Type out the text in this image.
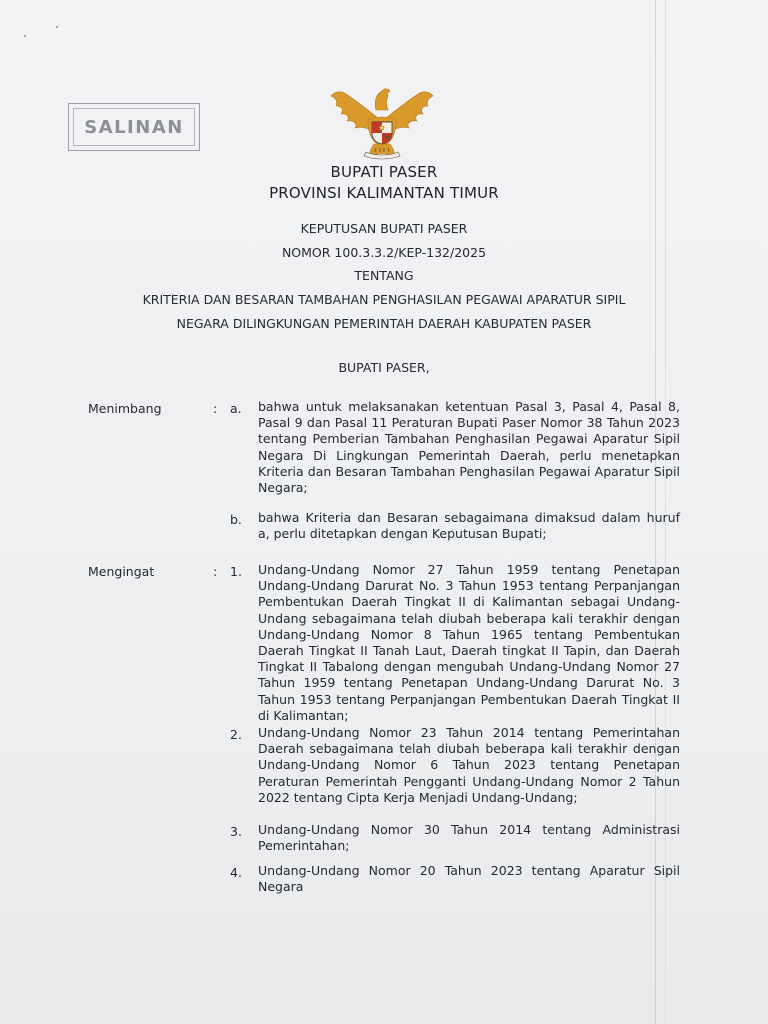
SALINAN
BUPATI PASER
PROVINSI KALIMANTAN TIMUR
KEPUTUSAN BUPATI PASER
NOMOR 100.3.3.2/KEP-132/2025
TENTANG
KRITERIA DAN BESARAN TAMBAHAN PENGHASILAN PEGAWAI APARATUR SIPIL
NEGARA DILINGKUNGAN PEMERINTAH DAERAH KABUPATEN PASER
BUPATI PASER,
Menimbang	: a. bahwa untuk melaksanakan ketentuan Pasal 3, Pasal 4, Pasal 8, Pasal 9 dan Pasal 11 Peraturan Bupati Paser Nomor 38 Tahun 2023 tentang Pemberian Tambahan Penghasilan Pegawai Aparatur Sipil Negara Di Lingkungan Pemerintah Daerah, perlu menetapkan Kriteria dan Besaran Tambahan Penghasilan Pegawai Aparatur Sipil Negara;
b. bahwa Kriteria dan Besaran sebagaimana dimaksud dalam huruf a, perlu ditetapkan dengan Keputusan Bupati;
Mengingat	: 1. Undang-Undang Nomor 27 Tahun 1959 tentang Penetapan Undang-Undang Darurat No. 3 Tahun 1953 tentang Perpanjangan Pembentukan Daerah Tingkat II di Kalimantan sebagai Undang-Undang sebagaimana telah diubah beberapa kali terakhir dengan Undang-Undang Nomor 8 Tahun 1965 tentang Pembentukan Daerah Tingkat II Tanah Laut, Daerah tingkat II Tapin, dan Daerah Tingkat II Tabalong dengan mengubah Undang-Undang Nomor 27 Tahun 1959 tentang Penetapan Undang-Undang Darurat No. 3 Tahun 1953 tentang Perpanjangan Pembentukan Daerah Tingkat II di Kalimantan;
2. Undang-Undang Nomor 23 Tahun 2014 tentang Pemerintahan Daerah sebagaimana telah diubah beberapa kali terakhir dengan Undang-Undang Nomor 6 Tahun 2023 tentang Penetapan Peraturan Pemerintah Pengganti Undang-Undang Nomor 2 Tahun 2022 tentang Cipta Kerja Menjadi Undang-Undang;
3. Undang-Undang Nomor 30 Tahun 2014 tentang Administrasi Pemerintahan;
4. Undang-Undang Nomor 20 Tahun 2023 tentang Aparatur Sipil Negara
